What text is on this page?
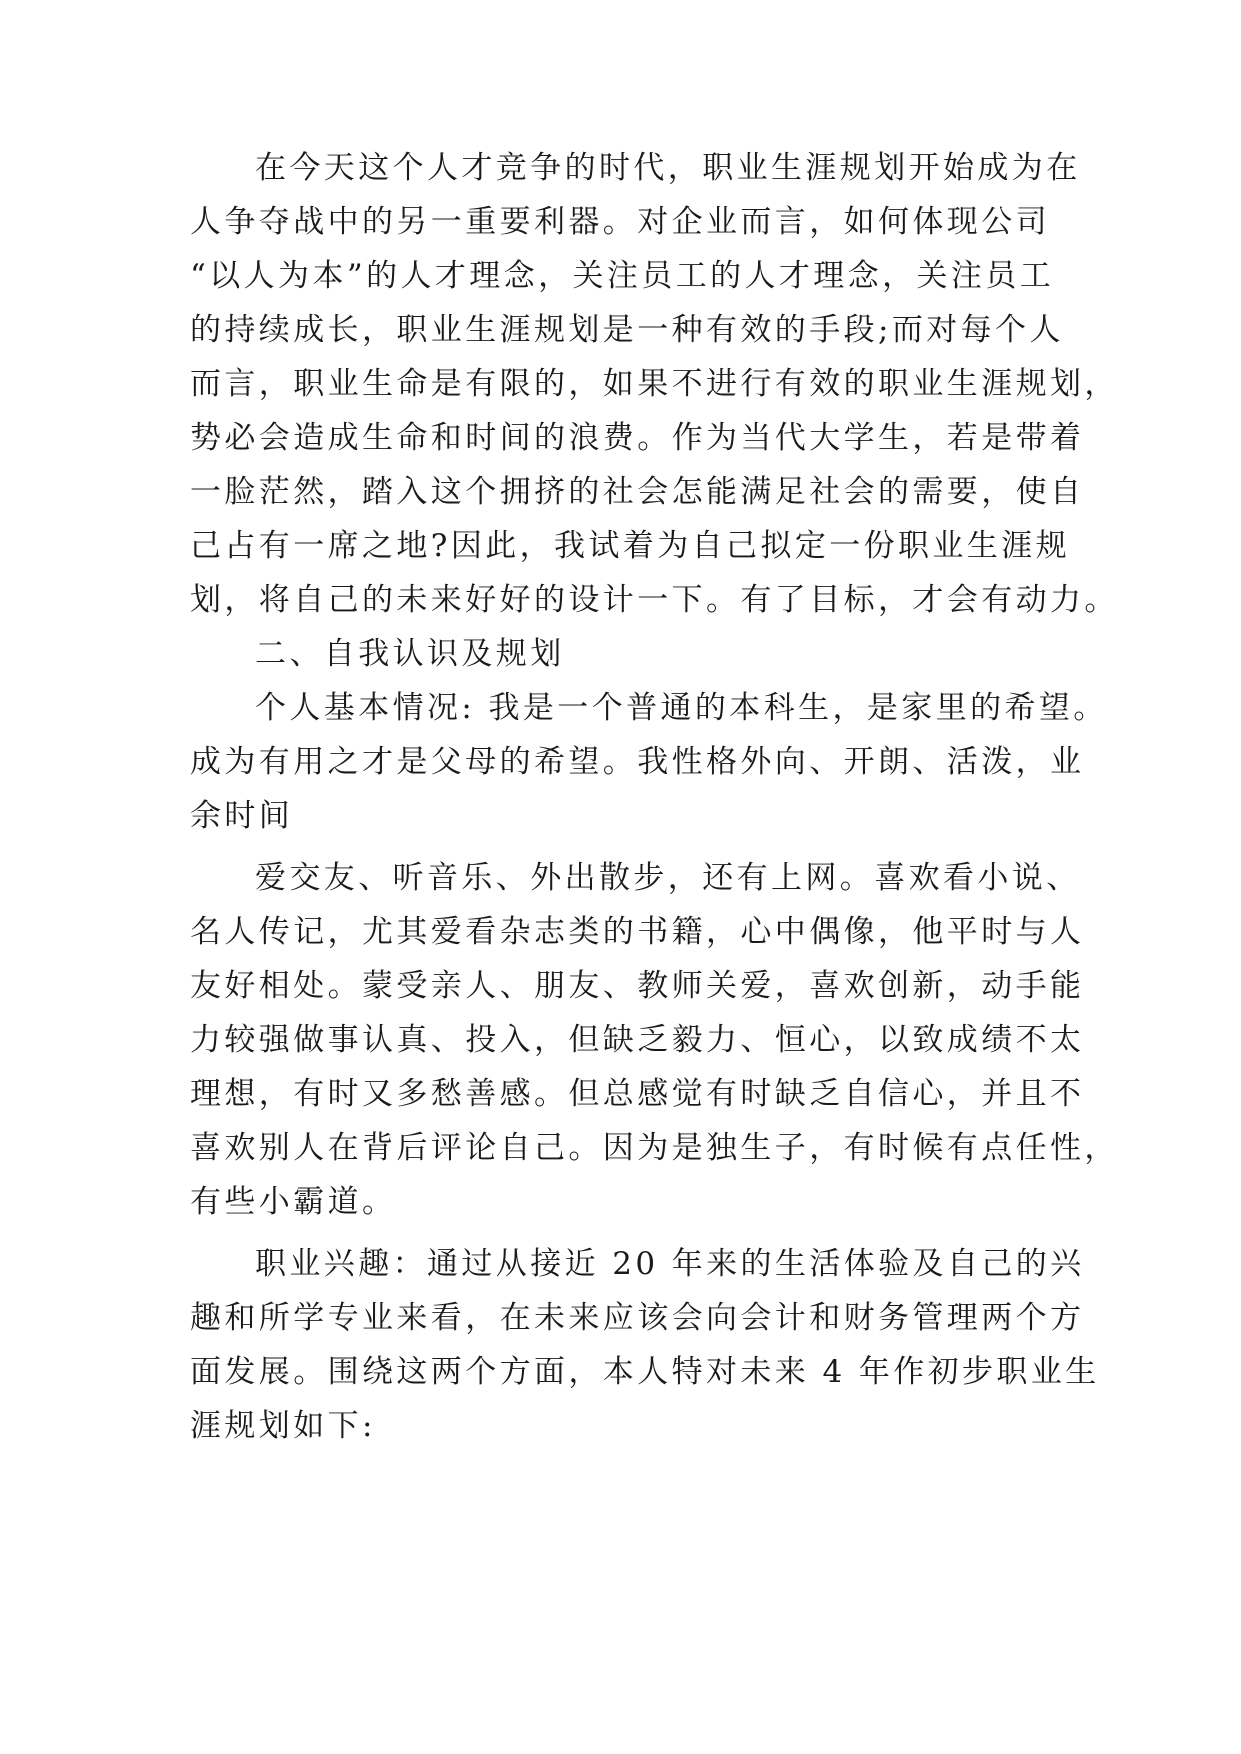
在今天这个人才竞争的时代，职业生涯规划开始成为在
人争夺战中的另一重要利器。对企业而言，如何体现公司
“以人为本”的人才理念，关注员工的人才理念，关注员工
的持续成长，职业生涯规划是一种有效的手段;而对每个人
而言，职业生命是有限的，如果不进行有效的职业生涯规划，
势必会造成生命和时间的浪费。作为当代大学生，若是带着
一脸茫然，踏入这个拥挤的社会怎能满足社会的需要，使自
己占有一席之地?因此，我试着为自己拟定一份职业生涯规
划，将自己的未来好好的设计一下。有了目标，才会有动力。
二、自我认识及规划
个人基本情况: 我是一个普通的本科生，是家里的希望。
成为有用之才是父母的希望。我性格外向、开朗、活泼，业
余时间
爱交友、听音乐、外出散步，还有上网。喜欢看小说、
名人传记，尤其爱看杂志类的书籍，心中偶像，他平时与人
友好相处。蒙受亲人、朋友、教师关爱，喜欢创新，动手能
力较强做事认真、投入，但缺乏毅力、恒心，以致成绩不太
理想，有时又多愁善感。但总感觉有时缺乏自信心，并且不
喜欢别人在背后评论自己。因为是独生子，有时候有点任性，
有些小霸道。
职业兴趣：通过从接近 20 年来的生活体验及自己的兴
趣和所学专业来看，在未来应该会向会计和财务管理两个方
面发展。围绕这两个方面，本人特对未来 4 年作初步职业生
涯规划如下:
